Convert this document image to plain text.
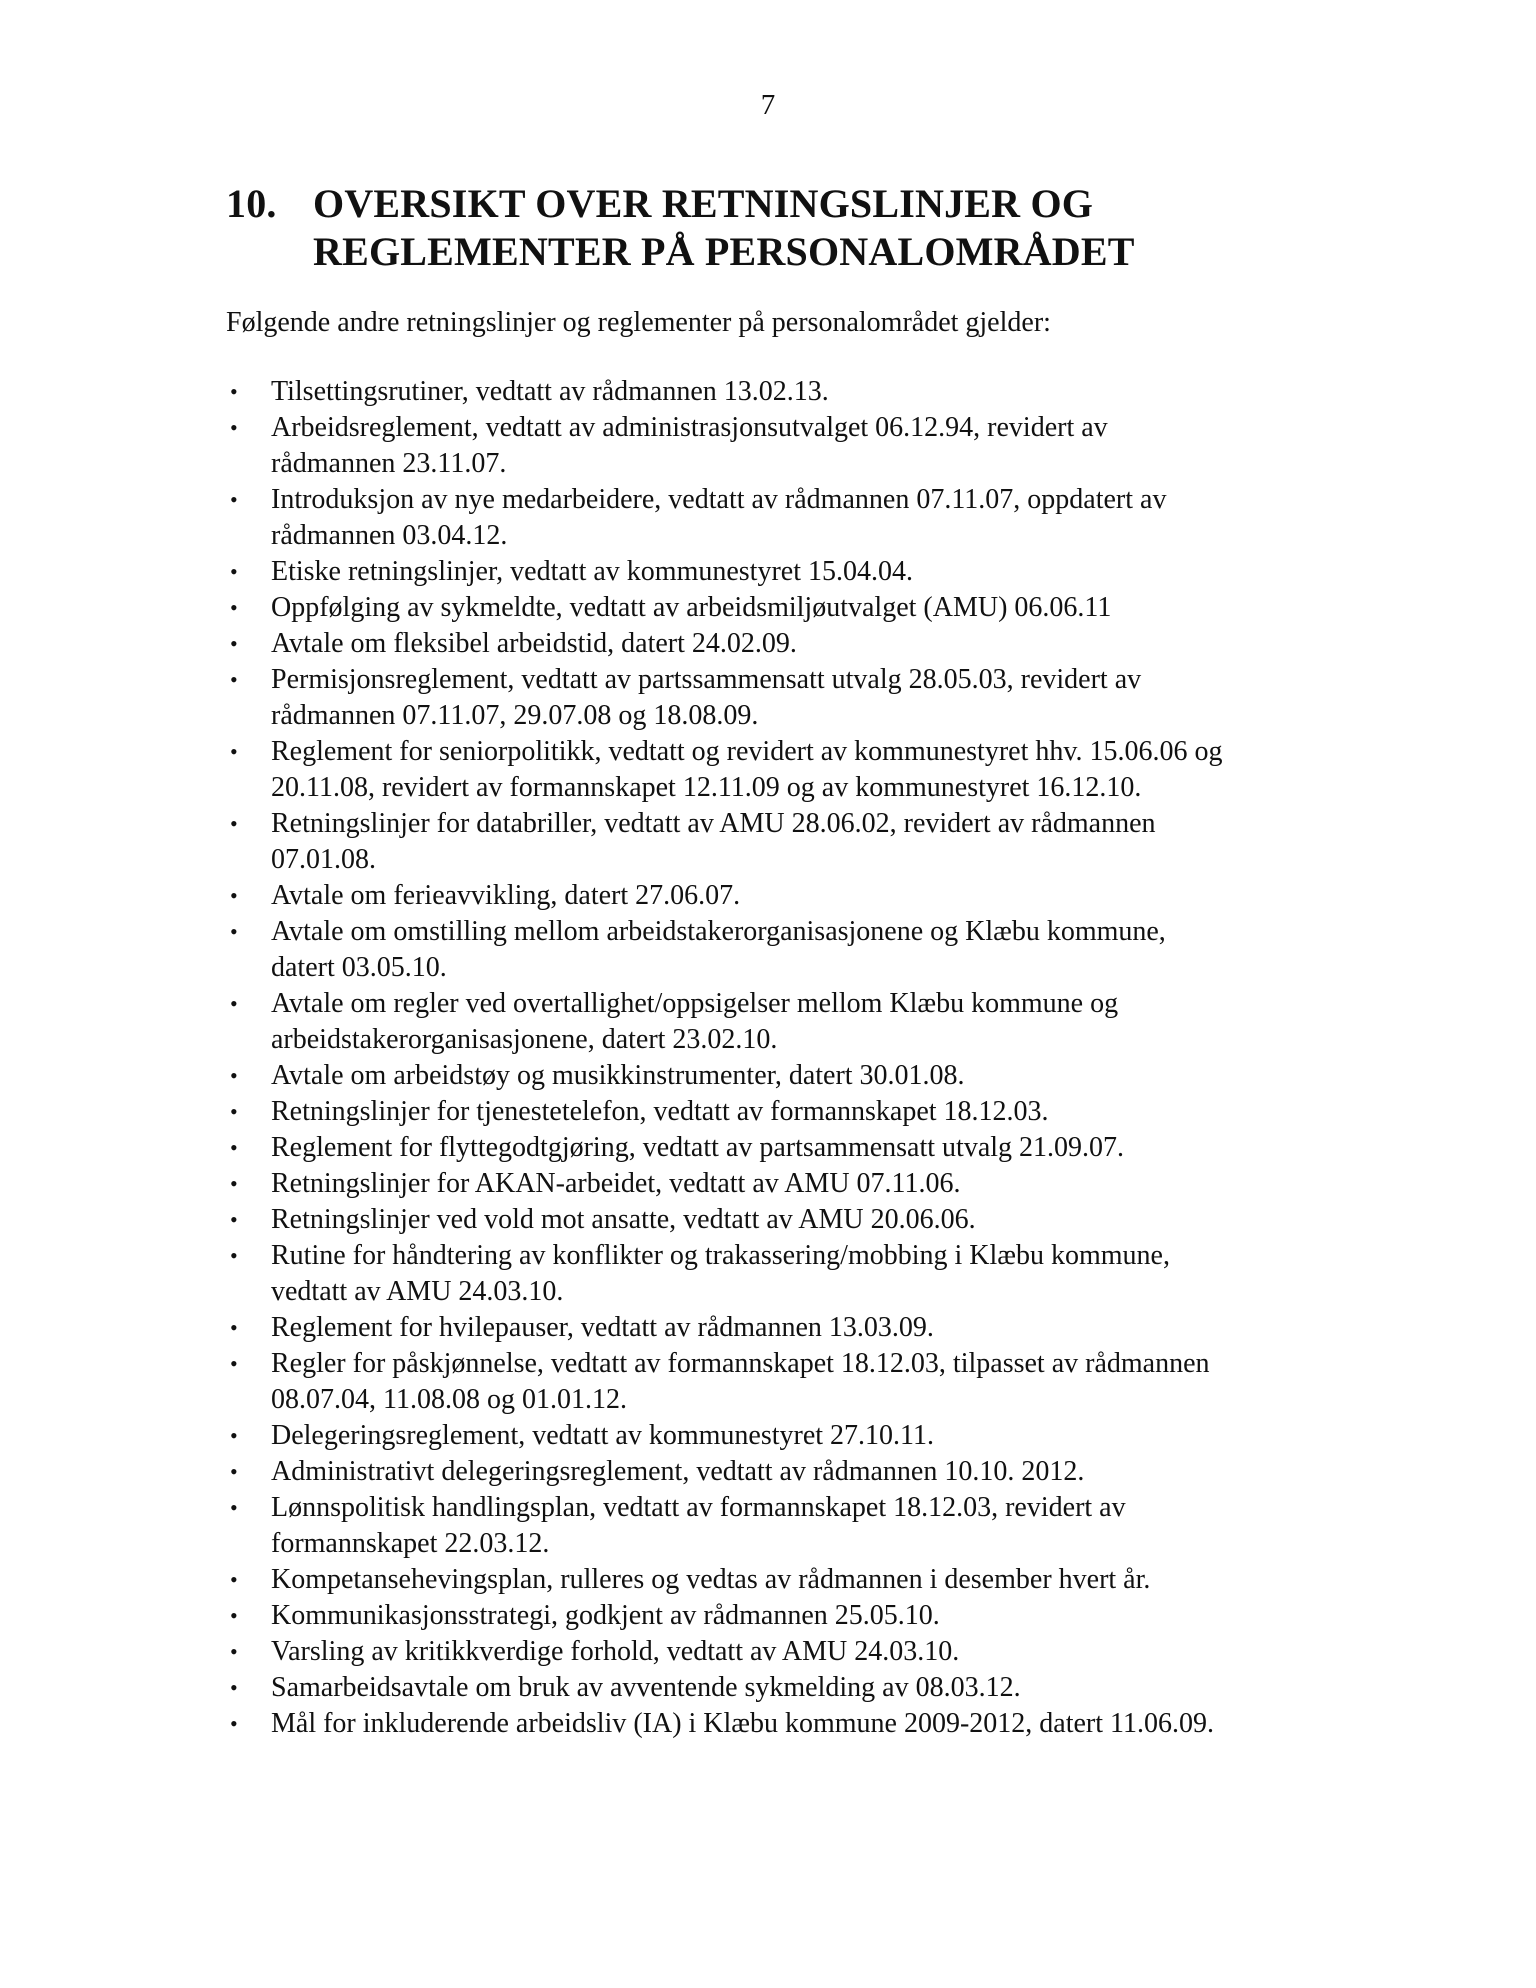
7
10. OVERSIKT OVER RETNINGSLINJER OG
REGLEMENTER PÅ PERSONALOMRÅDET
Følgende andre retningslinjer og reglementer på personalområdet gjelder:
• Tilsettingsrutiner, vedtatt av rådmannen 13.02.13.
• Arbeidsreglement, vedtatt av administrasjonsutvalget 06.12.94, revidert av
rådmannen 23.11.07.
• Introduksjon av nye medarbeidere, vedtatt av rådmannen 07.11.07, oppdatert av
rådmannen 03.04.12.
• Etiske retningslinjer, vedtatt av kommunestyret 15.04.04.
• Oppfølging av sykmeldte, vedtatt av arbeidsmiljøutvalget (AMU) 06.06.11
• Avtale om fleksibel arbeidstid, datert 24.02.09.
• Permisjonsreglement, vedtatt av partssammensatt utvalg 28.05.03, revidert av
rådmannen 07.11.07, 29.07.08 og 18.08.09.
• Reglement for seniorpolitikk, vedtatt og revidert av kommunestyret hhv. 15.06.06 og
20.11.08, revidert av formannskapet 12.11.09 og av kommunestyret 16.12.10.
• Retningslinjer for databriller, vedtatt av AMU 28.06.02, revidert av rådmannen
07.01.08.
• Avtale om ferieavvikling, datert 27.06.07.
• Avtale om omstilling mellom arbeidstakerorganisasjonene og Klæbu kommune,
datert 03.05.10.
• Avtale om regler ved overtallighet/oppsigelser mellom Klæbu kommune og
arbeidstakerorganisasjonene, datert 23.02.10.
• Avtale om arbeidstøy og musikkinstrumenter, datert 30.01.08.
• Retningslinjer for tjenestetelefon, vedtatt av formannskapet 18.12.03.
• Reglement for flyttegodtgjøring, vedtatt av partsammensatt utvalg 21.09.07.
• Retningslinjer for AKAN-arbeidet, vedtatt av AMU 07.11.06.
• Retningslinjer ved vold mot ansatte, vedtatt av AMU 20.06.06.
• Rutine for håndtering av konflikter og trakassering/mobbing i Klæbu kommune,
vedtatt av AMU 24.03.10.
• Reglement for hvilepauser, vedtatt av rådmannen 13.03.09.
• Regler for påskjønnelse, vedtatt av formannskapet 18.12.03, tilpasset av rådmannen
08.07.04, 11.08.08 og 01.01.12.
• Delegeringsreglement, vedtatt av kommunestyret 27.10.11.
• Administrativt delegeringsreglement, vedtatt av rådmannen 10.10. 2012.
• Lønnspolitisk handlingsplan, vedtatt av formannskapet 18.12.03, revidert av
formannskapet 22.03.12.
• Kompetansehevingsplan, rulleres og vedtas av rådmannen i desember hvert år.
• Kommunikasjonsstrategi, godkjent av rådmannen 25.05.10.
• Varsling av kritikkverdige forhold, vedtatt av AMU 24.03.10.
• Samarbeidsavtale om bruk av avventende sykmelding av 08.03.12.
• Mål for inkluderende arbeidsliv (IA) i Klæbu kommune 2009-2012, datert 11.06.09.
